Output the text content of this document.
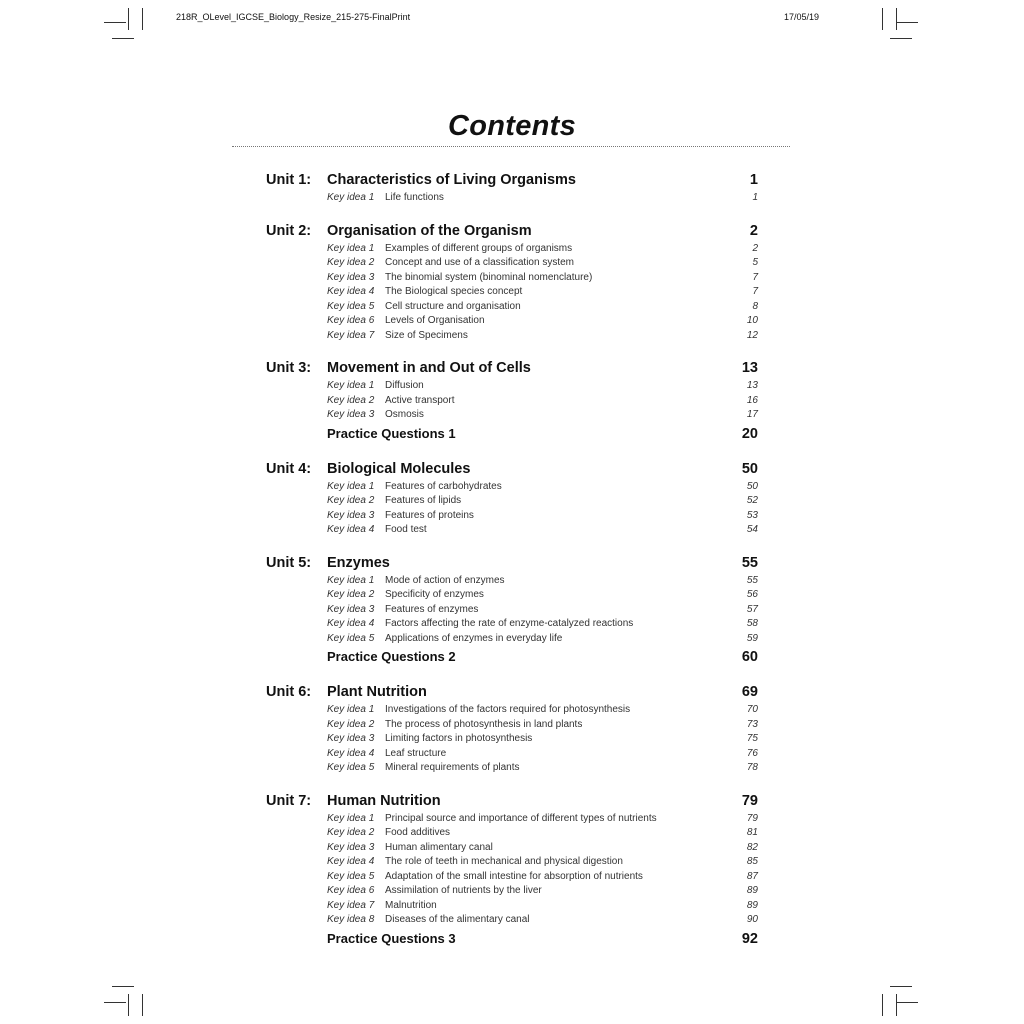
218R_OLevel_IGCSE_Biology_Resize_215-275-FinalPrint	17/05/19
Contents
Unit 1:	Characteristics of Living Organisms	1
Key idea 1	Life functions	1
Unit 2:	Organisation of the Organism	2
Key idea 1	Examples of different groups of organisms	2
Key idea 2	Concept and use of a classification system	5
Key idea 3	The binomial system (binominal nomenclature)	7
Key idea 4	The Biological species concept	7
Key idea 5	Cell structure and organisation	8
Key idea 6	Levels of Organisation	10
Key idea 7	Size of Specimens	12
Unit 3:	Movement in and Out of Cells	13
Key idea 1	Diffusion	13
Key idea 2	Active transport	16
Key idea 3	Osmosis	17
Practice Questions 1	20
Unit 4:	Biological Molecules	50
Key idea 1	Features of carbohydrates	50
Key idea 2	Features of lipids	52
Key idea 3	Features of proteins	53
Key idea 4	Food test	54
Unit 5:	Enzymes	55
Key idea 1	Mode of action of enzymes	55
Key idea 2	Specificity of enzymes	56
Key idea 3	Features of enzymes	57
Key idea 4	Factors affecting the rate of enzyme-catalyzed reactions	58
Key idea 5	Applications of enzymes in everyday life	59
Practice Questions 2	60
Unit 6:	Plant Nutrition	69
Key idea 1	Investigations of the factors required for photosynthesis	70
Key idea 2	The process of photosynthesis in land plants	73
Key idea 3	Limiting factors in photosynthesis	75
Key idea 4	Leaf structure	76
Key idea 5	Mineral requirements of plants	78
Unit 7:	Human Nutrition	79
Key idea 1	Principal source and importance of different types of nutrients	79
Key idea 2	Food additives	81
Key idea 3	Human alimentary canal	82
Key idea 4	The role of teeth in mechanical and physical digestion	85
Key idea 5	Adaptation of the small intestine for absorption of nutrients	87
Key idea 6	Assimilation of nutrients by the liver	89
Key idea 7	Malnutrition	89
Key idea 8	Diseases of the alimentary canal	90
Practice Questions 3	92
